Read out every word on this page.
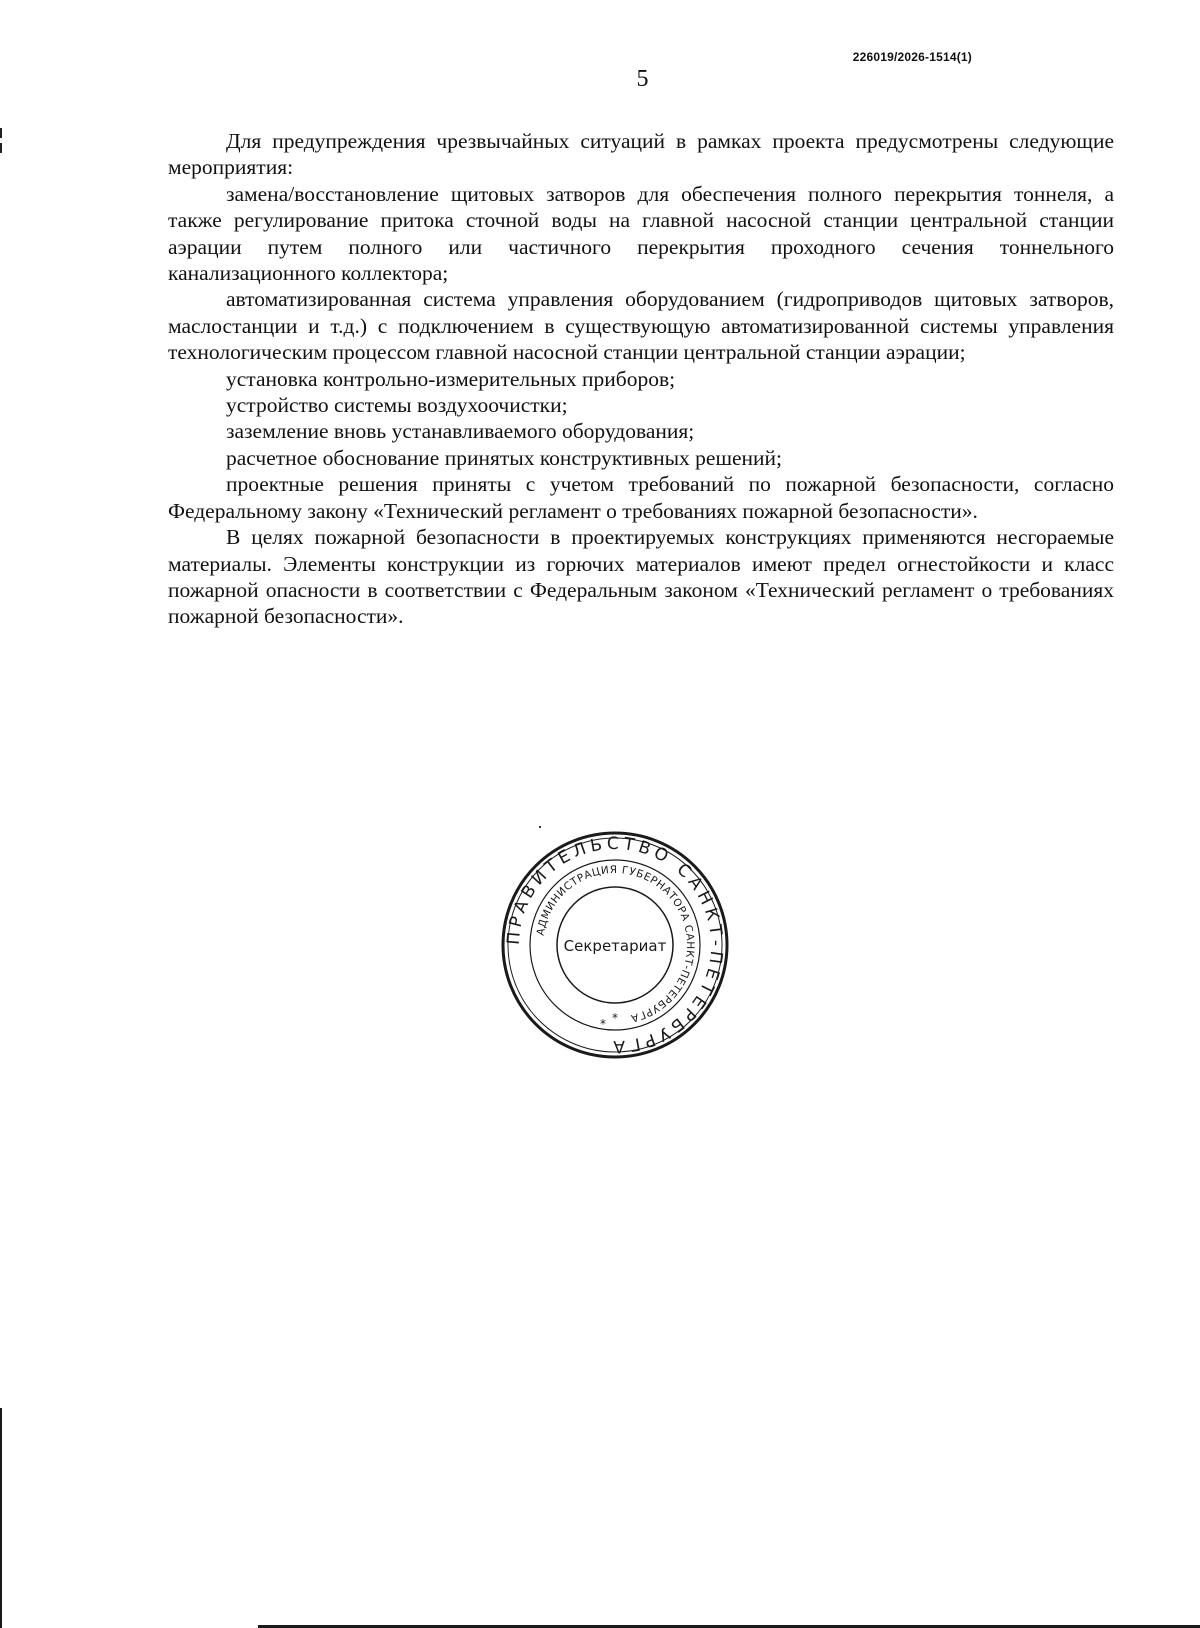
226019/2026-1514(1)
5

Для предупреждения чрезвычайных ситуаций в рамках проекта предусмотрены следующие мероприятия:

замена/восстановление щитовых затворов для обеспечения полного перекрытия тоннеля, а также регулирование притока сточной воды на главной насосной станции центральной станции аэрации путем полного или частичного перекрытия проходного сечения тоннельного канализационного коллектора;

автоматизированная система управления оборудованием (гидроприводов щитовых затворов, маслостанции и т.д.) с подключением в существующую автоматизированной системы управления технологическим процессом главной насосной станции центральной станции аэрации;

установка контрольно-измерительных приборов;

устройство системы воздухоочистки;

заземление вновь устанавливаемого оборудования;

расчетное обоснование принятых конструктивных решений;

проектные решения приняты с учетом требований по пожарной безопасности, согласно Федеральному закону «Технический регламент о требованиях пожарной безопасности».

В целях пожарной безопасности в проектируемых конструкциях применяются несгораемые материалы. Элементы конструкции из горючих материалов имеют предел огнестойкости и класс пожарной опасности в соответствии с Федеральным законом «Технический регламент о требованиях пожарной безопасности».

ПРАВИТЕЛЬСТВО САНКТ-ПЕТЕРБУРГА
АДМИНИСТРАЦИЯ ГУБЕРНАТОРА САНКТ-ПЕТЕРБУРГА
Секретариат
* *
